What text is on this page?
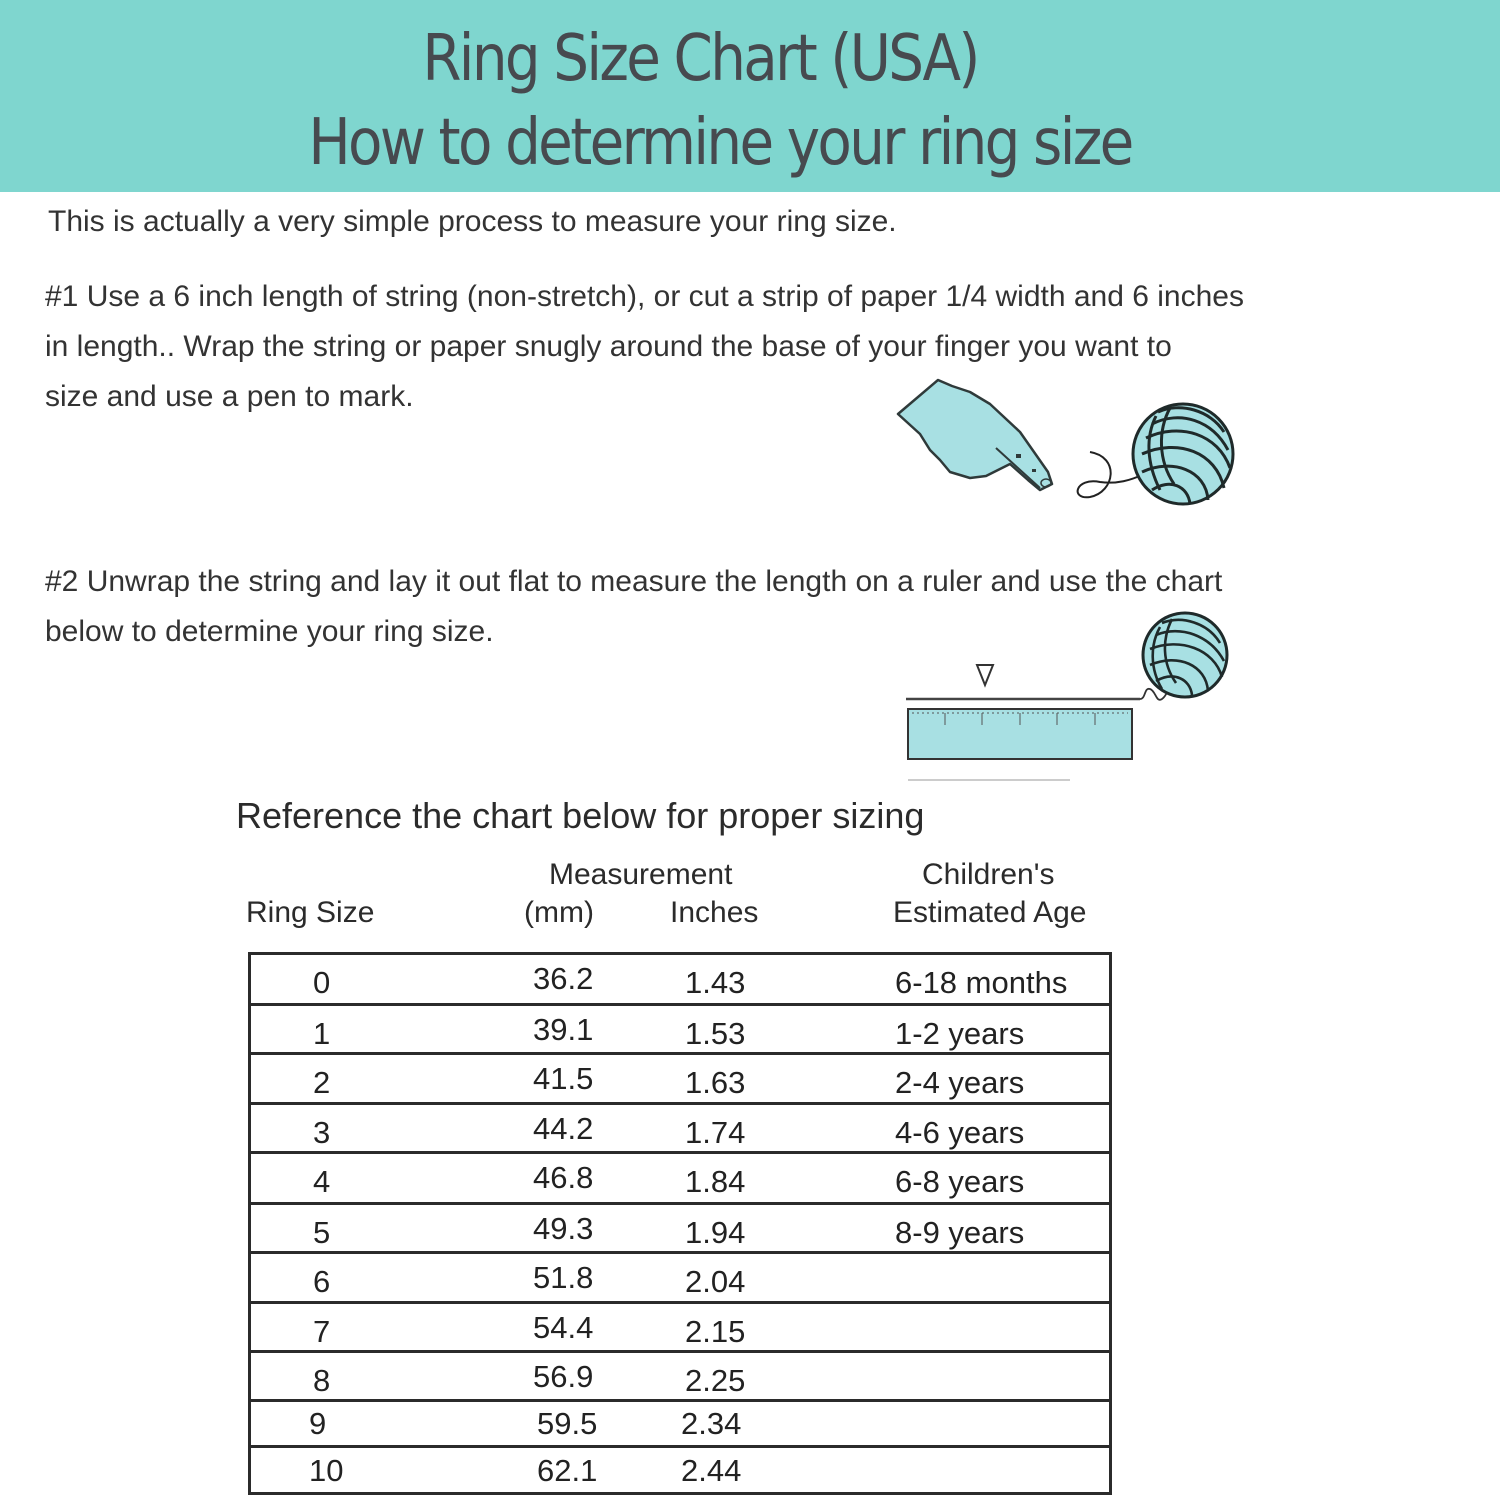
Ring Size Chart (USA)
How to determine your ring size
This is actually a very simple process to measure your ring size.
#1 Use a 6 inch length of string (non-stretch), or cut a strip of paper 1/4 width and 6 inches
in length.. Wrap the string or paper snugly around the base of your finger you want to
size and use a pen to mark.
#2 Unwrap the string and lay it out flat to measure the length on a ruler and use the chart
below to determine your ring size.
Reference the chart below for proper sizing
Ring Size
Measurement
(mm)	Inches
Children's
Estimated Age
0	36.2	1.43	6-18 months
1	39.1	1.53	1-2 years
2	41.5	1.63	2-4 years
3	44.2	1.74	4-6 years
4	46.8	1.84	6-8 years
5	49.3	1.94	8-9 years
6	51.8	2.04
7	54.4	2.15
8	56.9	2.25
9	59.5	2.34
10	62.1	2.44
